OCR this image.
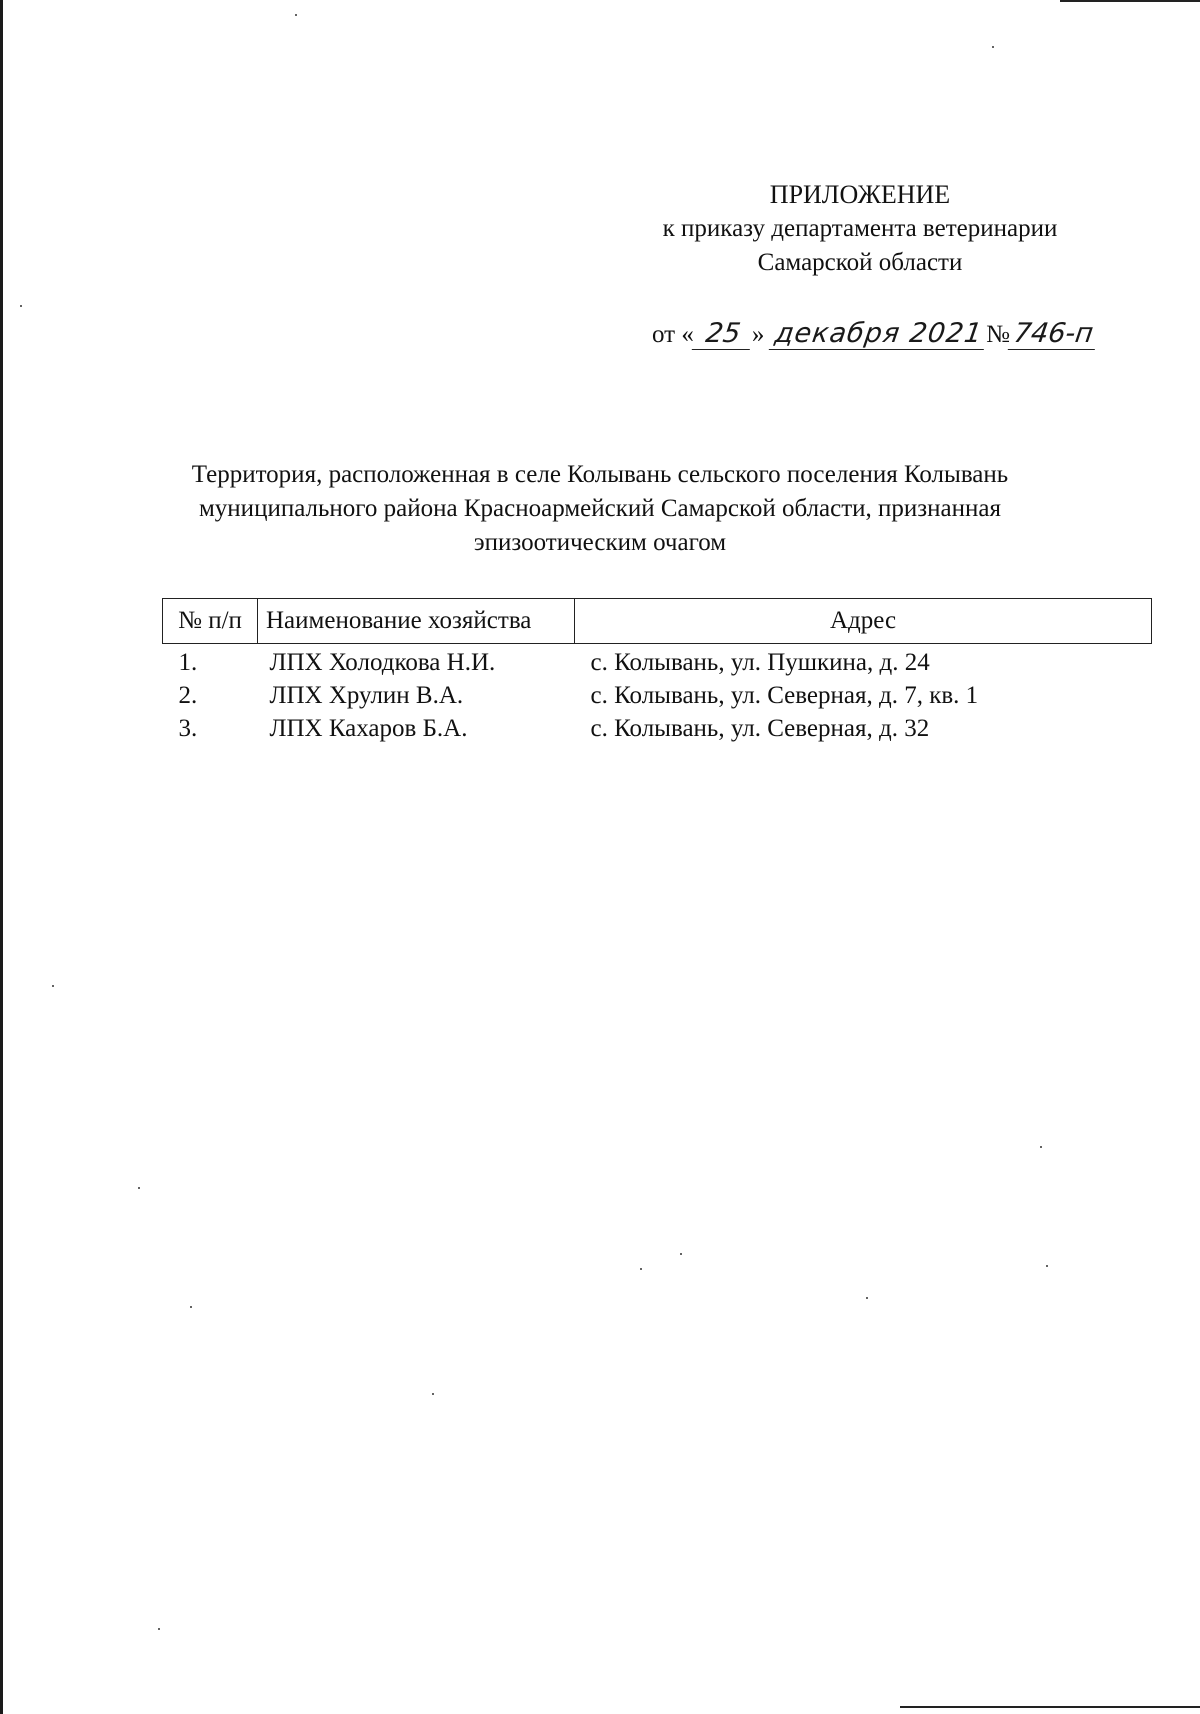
ПРИЛОЖЕНИЕ
к приказу департамента ветеринарии
Самарской области
от « 25 » декабря 2021№746-п
Территория, расположенная в селе Колывань сельского поселения Колывань
муниципального района Красноармейский Самарской области, признанная
эпизоотическим очагом
№ п/п	Наименование хозяйства	Адрес
1.	ЛПХ Холодкова Н.И.	с. Колывань, ул. Пушкина, д. 24
2.	ЛПХ Хрулин В.А.	с. Колывань, ул. Северная, д. 7, кв. 1
3.	ЛПХ Кахаров Б.А.	с. Колывань, ул. Северная, д. 32
